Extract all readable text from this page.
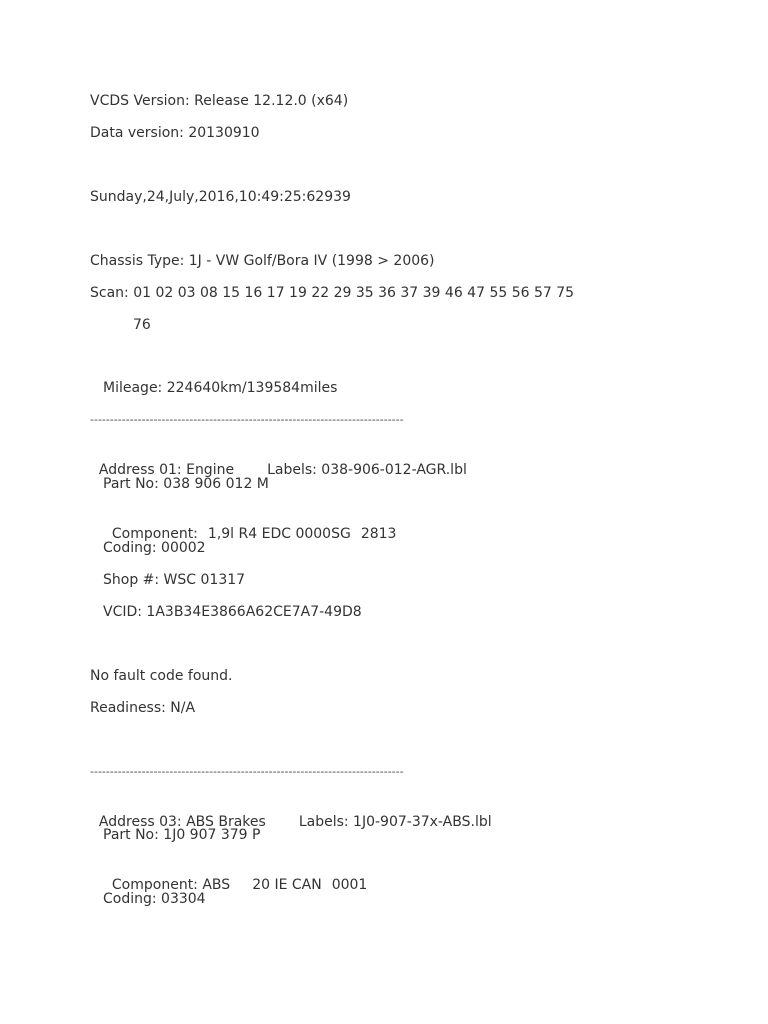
VCDS Version: Release 12.12.0 (x64)
Data version: 20130910
Sunday,24,July,2016,10:49:25:62939
Chassis Type: 1J - VW Golf/Bora IV (1998 > 2006)
Scan: 01 02 03 08 15 16 17 19 22 29 35 36 37 39 46 47 55 56 57 75
76
Mileage: 224640km/139584miles
-------------------------------------------------------------------------------

Address 01: Engine Labels: 038-906-012-AGR.lbl

Part No: 038 906 012 M

Component: 1,9l R4 EDC 0000SG 2813

Coding: 00002
Shop #: WSC 01317
VCID: 1A3B34E3866A62CE7A7-49D8
No fault code found.
Readiness: N/A
-------------------------------------------------------------------------------

Address 03: ABS Brakes Labels: 1J0-907-37x-ABS.lbl

Part No: 1J0 907 379 P

Component: ABS 20 IE CAN 0001

Coding: 03304
